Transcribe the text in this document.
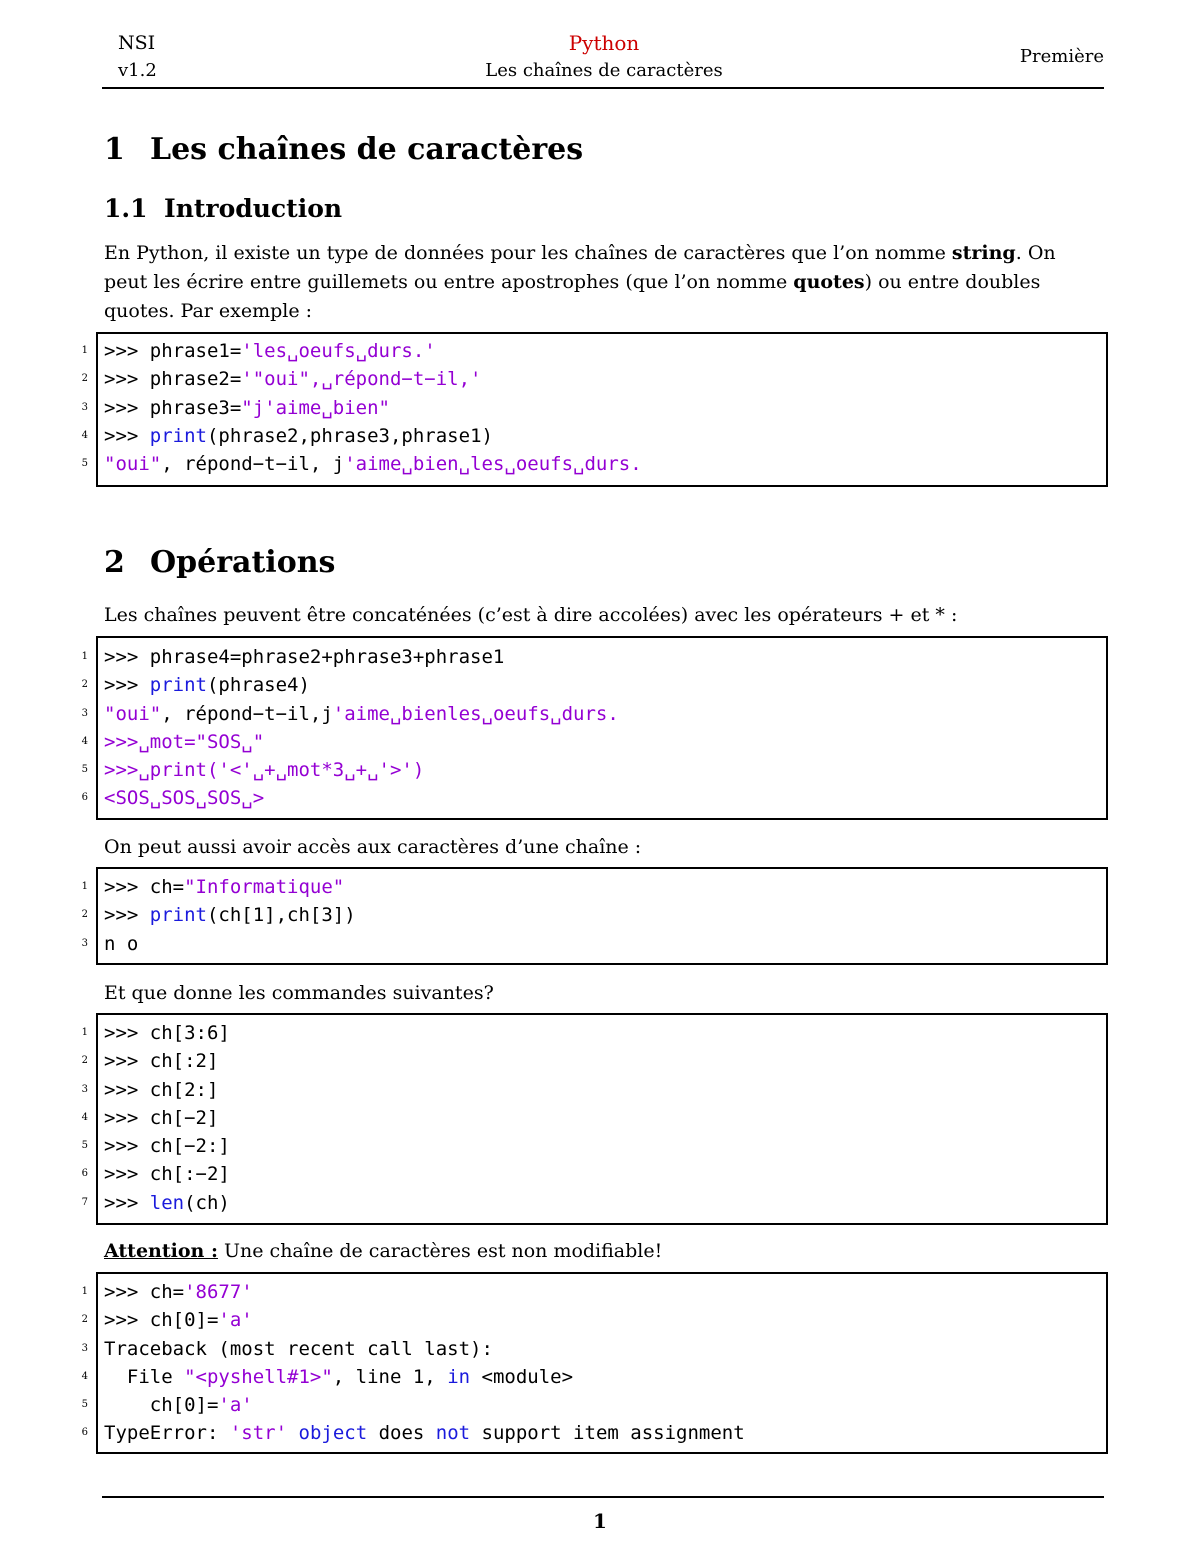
NSI
v1.2
Python
Les chaînes de caractères
Première
1 Les chaînes de caractères
1.1 Introduction

En Python, il existe un type de données pour les chaînes de caractères que l’on nomme string. On peut les écrire entre guillemets ou entre apostrophes (que l’on nomme quotes) ou entre doubles quotes. Par exemple :

1 >>> phrase1='les␣oeufs␣durs.'
2 >>> phrase2='"oui",␣répond−t−il,'
3 >>> phrase3="j'aime␣bien"
4 >>> print(phrase2,phrase3,phrase1)
5 "oui", répond−t−il, j'aime␣bien␣les␣oeufs␣durs.
2 Opérations

Les chaînes peuvent être concaténées (c’est à dire accolées) avec les opérateurs + et * :

1 >>> phrase4=phrase2+phrase3+phrase1
2 >>> print(phrase4)
3 "oui", répond−t−il,j'aime␣bienles␣oeufs␣durs.
4 >>>␣mot="SOS␣"
5 >>>␣print('<'␣+␣mot*3␣+␣'>')
6 <SOS␣SOS␣SOS␣>

On peut aussi avoir accès aux caractères d’une chaîne :

1 >>> ch="Informatique"
2 >>> print(ch[1],ch[3])
3 n o

Et que donne les commandes suivantes?

1 >>> ch[3:6]
2 >>> ch[:2]
3 >>> ch[2:]
4 >>> ch[−2]
5 >>> ch[−2:]
6 >>> ch[:−2]
7 >>> len(ch)

Attention : Une chaîne de caractères est non modifiable!

1 >>> ch='8677'
2 >>> ch[0]='a'
3 Traceback (most recent call last):
4 File "<pyshell#1>", line 1, in <module>
5 ch[0]='a'
6 TypeError: 'str' object does not support item assignment
1
